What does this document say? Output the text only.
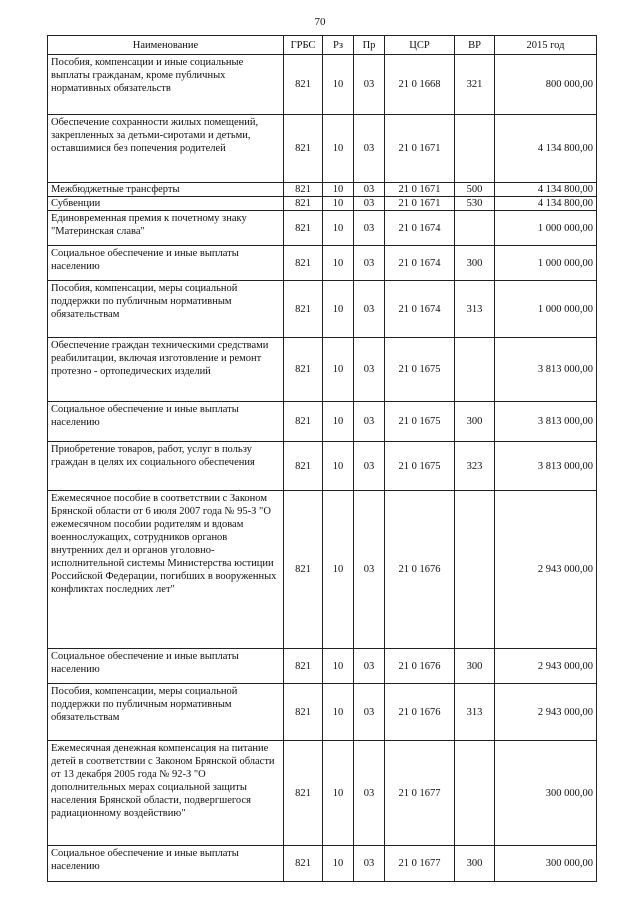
70
Наименование	ГРБС	Рз	Пр	ЦСР	ВР	2015 год
Пособия, компенсации и иные социальные выплаты гражданам, кроме публичных нормативных обязательств	821	10	03	21 0 1668	321	800 000,00
Обеспечение сохранности жилых помещений, закрепленных за детьми-сиротами и детьми, оставшимися без попечения родителей	821	10	03	21 0 1671		4 134 800,00
Межбюджетные трансферты	821	10	03	21 0 1671	500	4 134 800,00
Субвенции	821	10	03	21 0 1671	530	4 134 800,00
Единовременная премия к почетному знаку "Материнская слава"	821	10	03	21 0 1674		1 000 000,00
Социальное обеспечение и иные выплаты населению	821	10	03	21 0 1674	300	1 000 000,00
Пособия, компенсации, меры социальной поддержки по публичным нормативным обязательствам	821	10	03	21 0 1674	313	1 000 000,00
Обеспечение граждан техническими средствами реабилитации, включая изготовление и ремонт протезно - ортопедических изделий	821	10	03	21 0 1675		3 813 000,00
Социальное обеспечение и иные выплаты населению	821	10	03	21 0 1675	300	3 813 000,00
Приобретение товаров, работ, услуг в пользу граждан в целях их социального обеспечения	821	10	03	21 0 1675	323	3 813 000,00
Ежемесячное пособие в соответствии с Законом Брянской области от 6 июля 2007 года № 95-З "О ежемесячном пособии родителям и вдовам военнослужащих, сотрудников органов внутренних дел и органов уголовно-исполнительной системы Министерства юстиции Российской Федерации, погибших в вооруженных конфликтах последних лет"	821	10	03	21 0 1676		2 943 000,00
Социальное обеспечение и иные выплаты населению	821	10	03	21 0 1676	300	2 943 000,00
Пособия, компенсации, меры социальной поддержки по публичным нормативным обязательствам	821	10	03	21 0 1676	313	2 943 000,00
Ежемесячная денежная компенсация на питание детей в соответствии с Законом Брянской области от 13 декабря 2005 года № 92-З "О дополнительных мерах социальной защиты населения Брянской области, подвергшегося радиационному воздействию"	821	10	03	21 0 1677		300 000,00
Социальное обеспечение и иные выплаты населению	821	10	03	21 0 1677	300	300 000,00
